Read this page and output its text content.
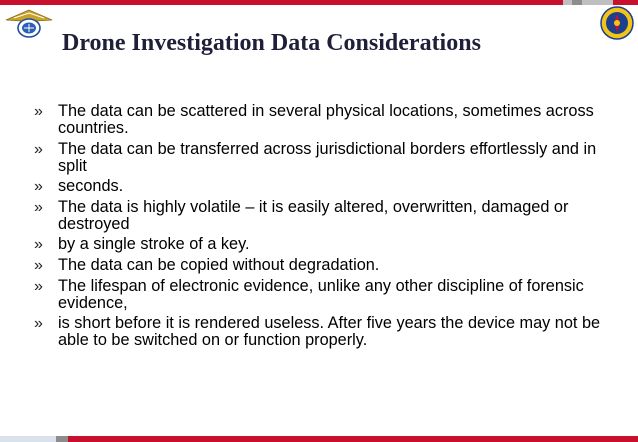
Drone Investigation Data Considerations
» The data can be scattered in several physical locations, sometimes across countries.
» The data can be transferred across jurisdictional borders effortlessly and in split
» seconds.
» The data is highly volatile – it is easily altered, overwritten, damaged or destroyed
» by a single stroke of a key.
» The data can be copied without degradation.
» The lifespan of electronic evidence, unlike any other discipline of forensic evidence,
» is short before it is rendered useless. After five years the device may not be able to be switched on or function properly.
